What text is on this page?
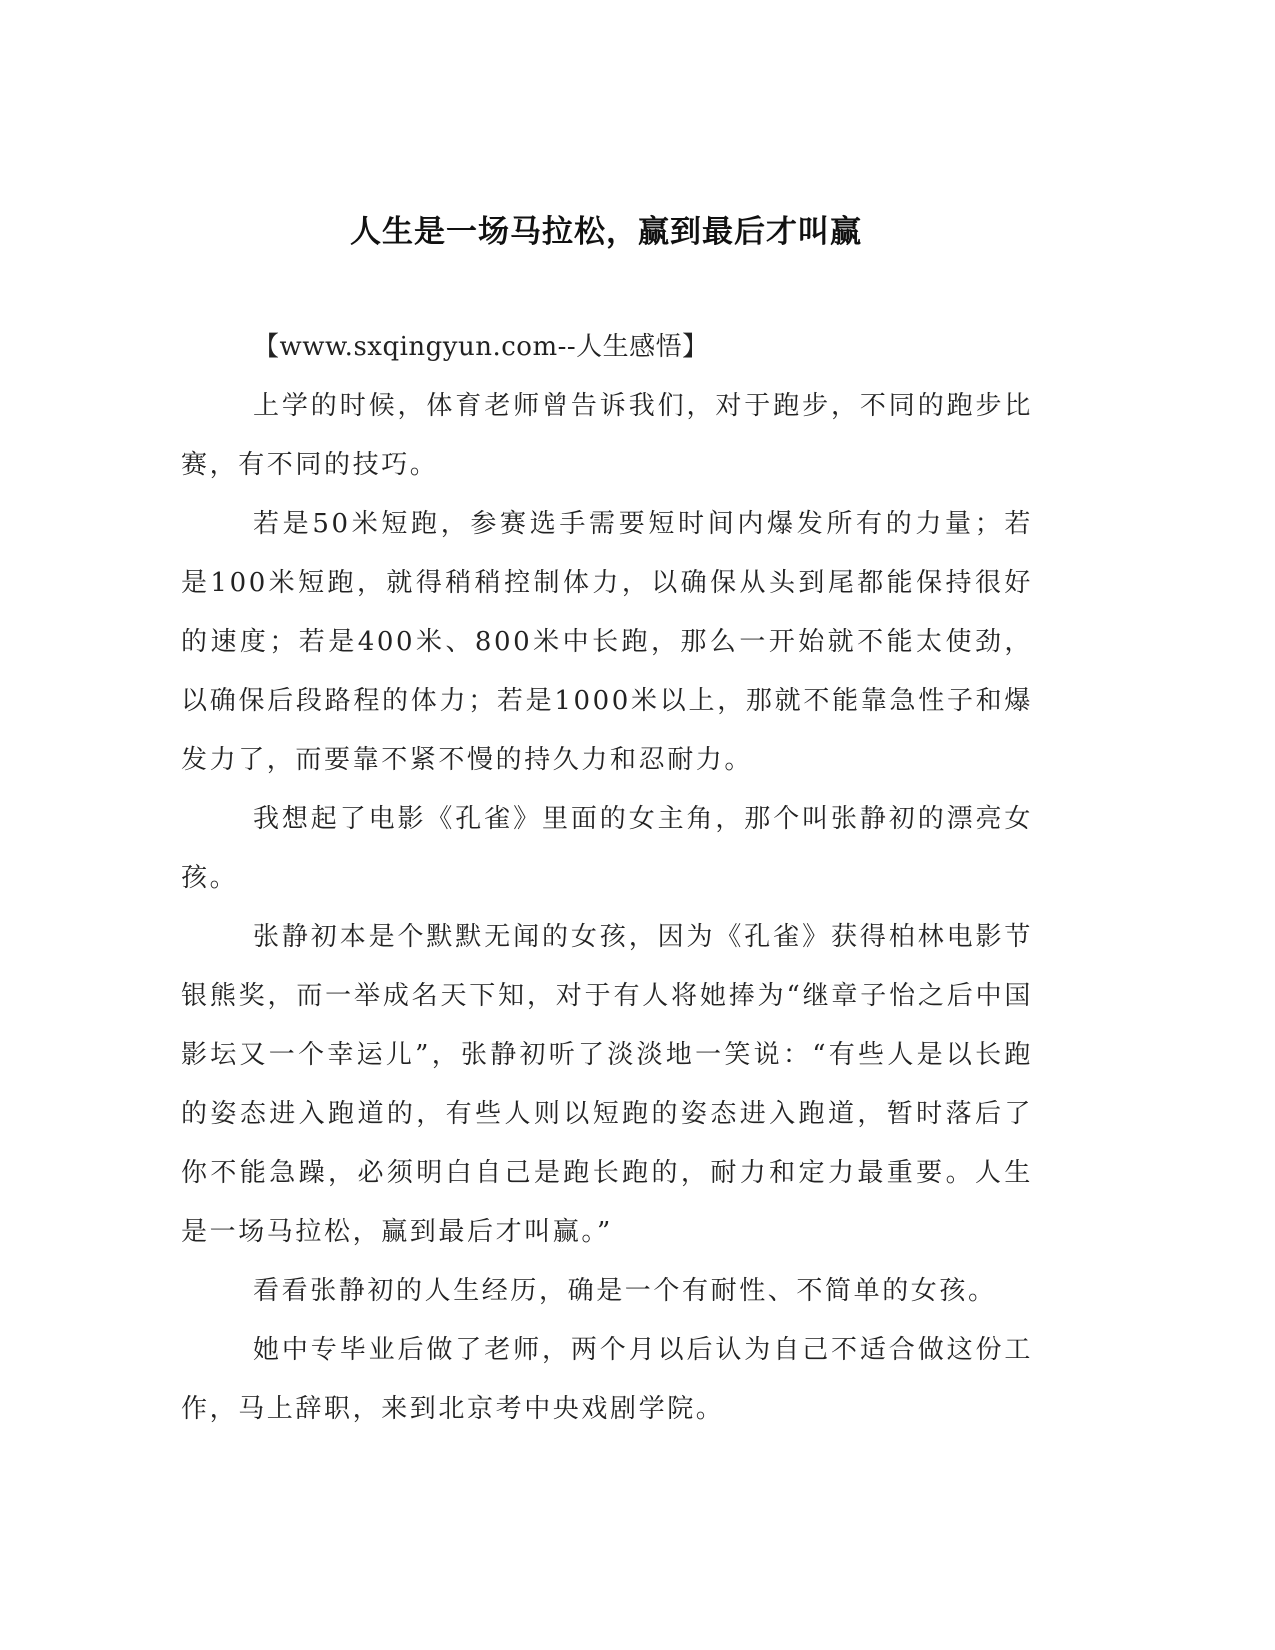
人生是一场马拉松，赢到最后才叫赢

【www.sxqingyun.com--人生感悟】

上学的时候，体育老师曾告诉我们，对于跑步，不同的跑步比赛，有不同的技巧。

若是50米短跑，参赛选手需要短时间内爆发所有的力量；若是100米短跑，就得稍稍控制体力，以确保从头到尾都能保持很好的速度；若是400米、800米中长跑，那么一开始就不能太使劲，以确保后段路程的体力；若是1000米以上，那就不能靠急性子和爆发力了，而要靠不紧不慢的持久力和忍耐力。

我想起了电影《孔雀》里面的女主角，那个叫张静初的漂亮女孩。

张静初本是个默默无闻的女孩，因为《孔雀》获得柏林电影节银熊奖，而一举成名天下知，对于有人将她捧为“继章子怡之后中国影坛又一个幸运儿”，张静初听了淡淡地一笑说：“有些人是以长跑的姿态进入跑道的，有些人则以短跑的姿态进入跑道，暂时落后了你不能急躁，必须明白自己是跑长跑的，耐力和定力最重要。人生是一场马拉松，赢到最后才叫赢。”

看看张静初的人生经历，确是一个有耐性、不简单的女孩。

她中专毕业后做了老师，两个月以后认为自己不适合做这份工作，马上辞职，来到北京考中央戏剧学院。
